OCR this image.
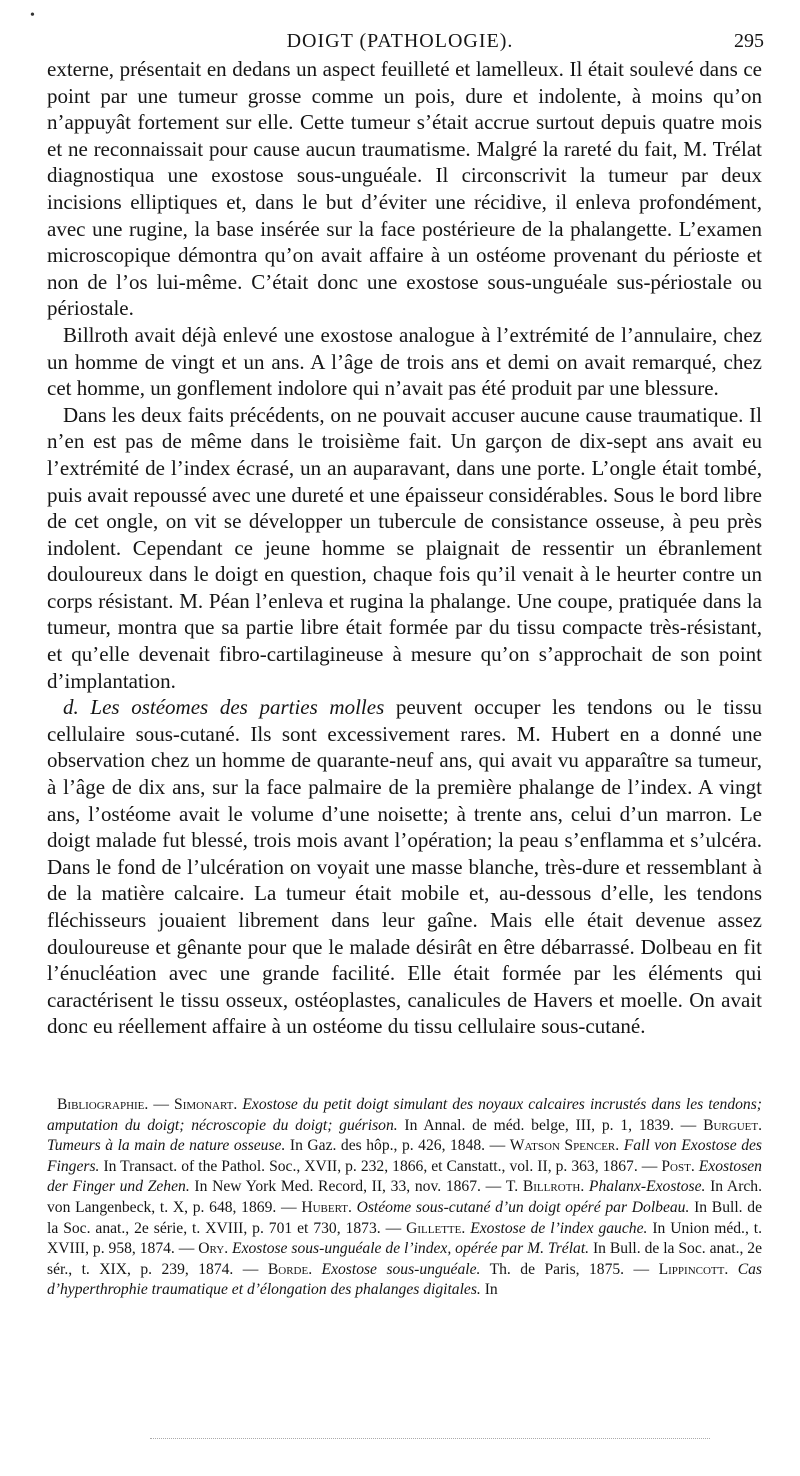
•
DOIGT (PATHOLOGIE).	295

externe, présentait en dedans un aspect feuilleté et lamelleux. Il était soulevé dans ce point par une tumeur grosse comme un pois, dure et indolente, à moins qu’on n’appuyât fortement sur elle. Cette tumeur s’était accrue surtout depuis quatre mois et ne reconnaissait pour cause aucun traumatisme. Malgré la rareté du fait, M. Trélat diagnostiqua une exostose sous-unguéale. Il circonscrivit la tumeur par deux incisions elliptiques et, dans le but d’éviter une récidive, il enleva profondément, avec une rugine, la base insérée sur la face postérieure de la phalangette. L’examen microscopique démontra qu’on avait affaire à un ostéome provenant du périoste et non de l’os lui-même. C’était donc une exostose sous-unguéale sus-périostale ou périostale.

Billroth avait déjà enlevé une exostose analogue à l’extrémité de l’annulaire, chez un homme de vingt et un ans. A l’âge de trois ans et demi on avait remarqué, chez cet homme, un gonflement indolore qui n’avait pas été produit par une blessure.

Dans les deux faits précédents, on ne pouvait accuser aucune cause traumatique. Il n’en est pas de même dans le troisième fait. Un garçon de dix-sept ans avait eu l’extrémité de l’index écrasé, un an auparavant, dans une porte. L’ongle était tombé, puis avait repoussé avec une dureté et une épaisseur considérables. Sous le bord libre de cet ongle, on vit se développer un tubercule de consistance osseuse, à peu près indolent. Cependant ce jeune homme se plaignait de ressentir un ébranlement douloureux dans le doigt en question, chaque fois qu’il venait à le heurter contre un corps résistant. M. Péan l’enleva et rugina la phalange. Une coupe, pratiquée dans la tumeur, montra que sa partie libre était formée par du tissu compacte très-résistant, et qu’elle devenait fibro-cartilagineuse à mesure qu’on s’approchait de son point d’implantation.

d. Les ostéomes des parties molles peuvent occuper les tendons ou le tissu cellulaire sous-cutané. Ils sont excessivement rares. M. Hubert en a donné une observation chez un homme de quarante-neuf ans, qui avait vu apparaître sa tumeur, à l’âge de dix ans, sur la face palmaire de la première phalange de l’index. A vingt ans, l’ostéome avait le volume d’une noisette; à trente ans, celui d’un marron. Le doigt malade fut blessé, trois mois avant l’opération; la peau s’enflamma et s’ulcéra. Dans le fond de l’ulcération on voyait une masse blanche, très-dure et ressemblant à de la matière calcaire. La tumeur était mobile et, au-dessous d’elle, les tendons fléchisseurs jouaient librement dans leur gaîne. Mais elle était devenue assez douloureuse et gênante pour que le malade désirât en être débarrassé. Dolbeau en fit l’énucléation avec une grande facilité. Elle était formée par les éléments qui caractérisent le tissu osseux, ostéoplastes, canalicules de Havers et moelle. On avait donc eu réellement affaire à un ostéome du tissu cellulaire sous-cutané.

Bibliographie. — Simonart. Exostose du petit doigt simulant des noyaux calcaires incrustés dans les tendons; amputation du doigt; nécroscopie du doigt; guérison. In Annal. de méd. belge, III, p. 1, 1839. — Burguet. Tumeurs à la main de nature osseuse. In Gaz. des hôp., p. 426, 1848. — Watson Spencer. Fall von Exostose des Fingers. In Transact. of the Pathol. Soc., XVII, p. 232, 1866, et Canstatt., vol. II, p. 363, 1867. — Post. Exostosen der Finger und Zehen. In New York Med. Record, II, 33, nov. 1867. — T. Billroth. Phalanx-Exostose. In Arch. von Langenbeck, t. X, p. 648, 1869. — Hubert. Ostéome sous-cutané d’un doigt opéré par Dolbeau. In Bull. de la Soc. anat., 2e série, t. XVIII, p. 701 et 730, 1873. — Gillette. Exostose de l’index gauche. In Union méd., t. XVIII, p. 958, 1874. — Ory. Exostose sous-unguéale de l’index, opérée par M. Trélat. In Bull. de la Soc. anat., 2e sér., t. XIX, p. 239, 1874. — Borde. Exostose sous-unguéale. Th. de Paris, 1875. — Lippincott. Cas d’hyperthrophie traumatique et d’élongation des phalanges digitales. In
